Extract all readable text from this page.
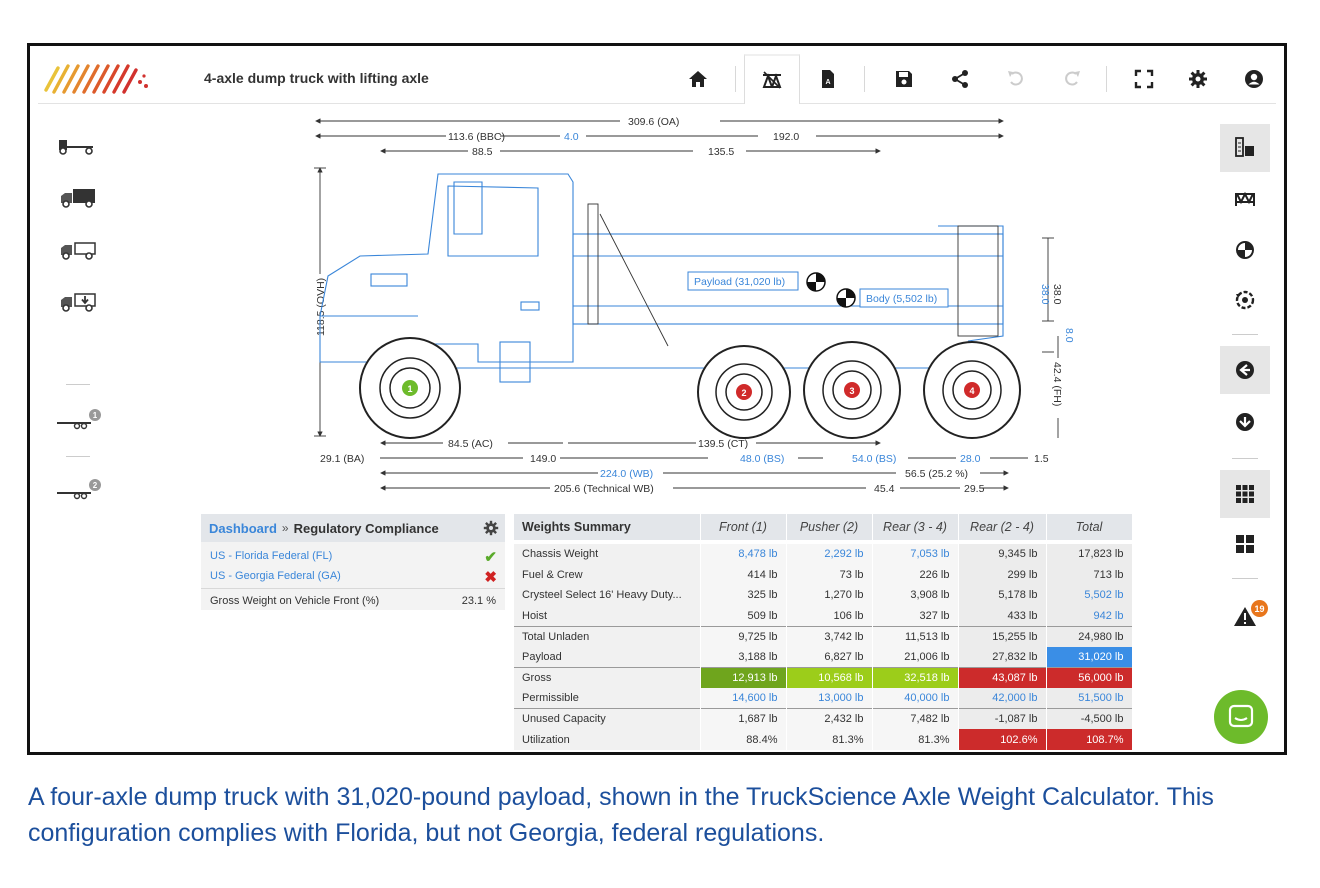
4-axle dump truck with lifting axle	A
1
2
19
309.6 (OA)
113.6 (BBC)	4.0	192.0
88.5	135.5
118.5 (OVH)	38.0 38.0
8.0
42.4 (FH)
84.5 (AC)	139.5 (CT)
29.1 (BA)	149.0	48.0 (BS)	54.0 (BS)	28.0	1.5
224.0 (WB)	56.5 (25.2 %)
205.6 (Technical WB)	45.4	29.5
Payload (31,020 lb)
Body (5,502 lb)
1	2	3	4
Dashboard » Regulatory Compliance
US - Florida Federal (FL)	✔
US - Georgia Federal (GA)	✖
Gross Weight on Vehicle Front (%)	23.1 %
Weights Summary	Front (1)	Pusher (2)	Rear (3 - 4)	Rear (2 - 4)	Total

Chassis Weight	8,478 lb	2,292 lb	7,053 lb	9,345 lb	17,823 lb
Fuel & Crew	414 lb	73 lb	226 lb	299 lb	713 lb
Crysteel Select 16' Heavy Duty...	325 lb	1,270 lb	3,908 lb	5,178 lb	5,502 lb
Hoist	509 lb	106 lb	327 lb	433 lb	942 lb
Total Unladen	9,725 lb	3,742 lb	11,513 lb	15,255 lb	24,980 lb
Payload	3,188 lb	6,827 lb	21,006 lb	27,832 lb	31,020 lb
Gross	12,913 lb	10,568 lb	32,518 lb	43,087 lb	56,000 lb
Permissible	14,600 lb	13,000 lb	40,000 lb	42,000 lb	51,500 lb
Unused Capacity	1,687 lb	2,432 lb	7,482 lb	-1,087 lb	-4,500 lb
Utilization	88.4%	81.3%	81.3%	102.6%	108.7%
A four-axle dump truck with 31,020-pound payload, shown in the TruckScience Axle Weight Calculator. This configuration complies with Florida, but not Georgia, federal regulations.
